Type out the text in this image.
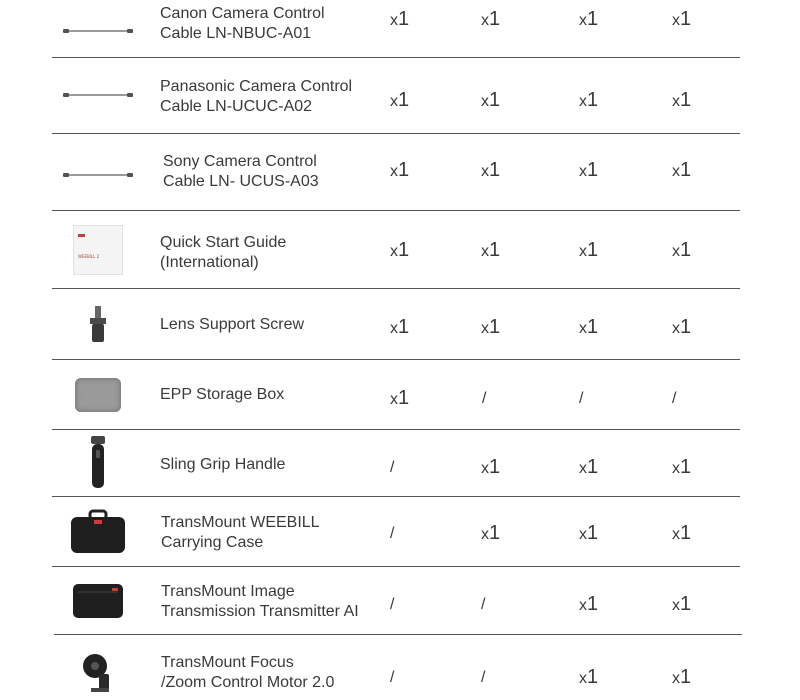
Canon Camera Control
Cable LN-NBUC-A01
x1	x1	x1	x1
Panasonic Camera Control
Cable LN-UCUC-A02	x1	x1	x1	x1
Sony Camera Control
Cable LN- UCUS-A03
x1	x1	x1	x1
WEEBILL 2
Quick Start Guide
(International)
x1	x1	x1	x1
Lens Support Screw	x1	x1	x1	x1
EPP Storage Box	x1	/	/	/
Sling Grip Handle	/	x1	x1	x1
TransMount WEEBILL
Carrying Case
/	x1	x1	x1
TransMount Image
Transmission Transmitter AI /	/	x1	x1
TransMount Focus
/Zoom Control Motor 2.0	/	/	x1	x1
